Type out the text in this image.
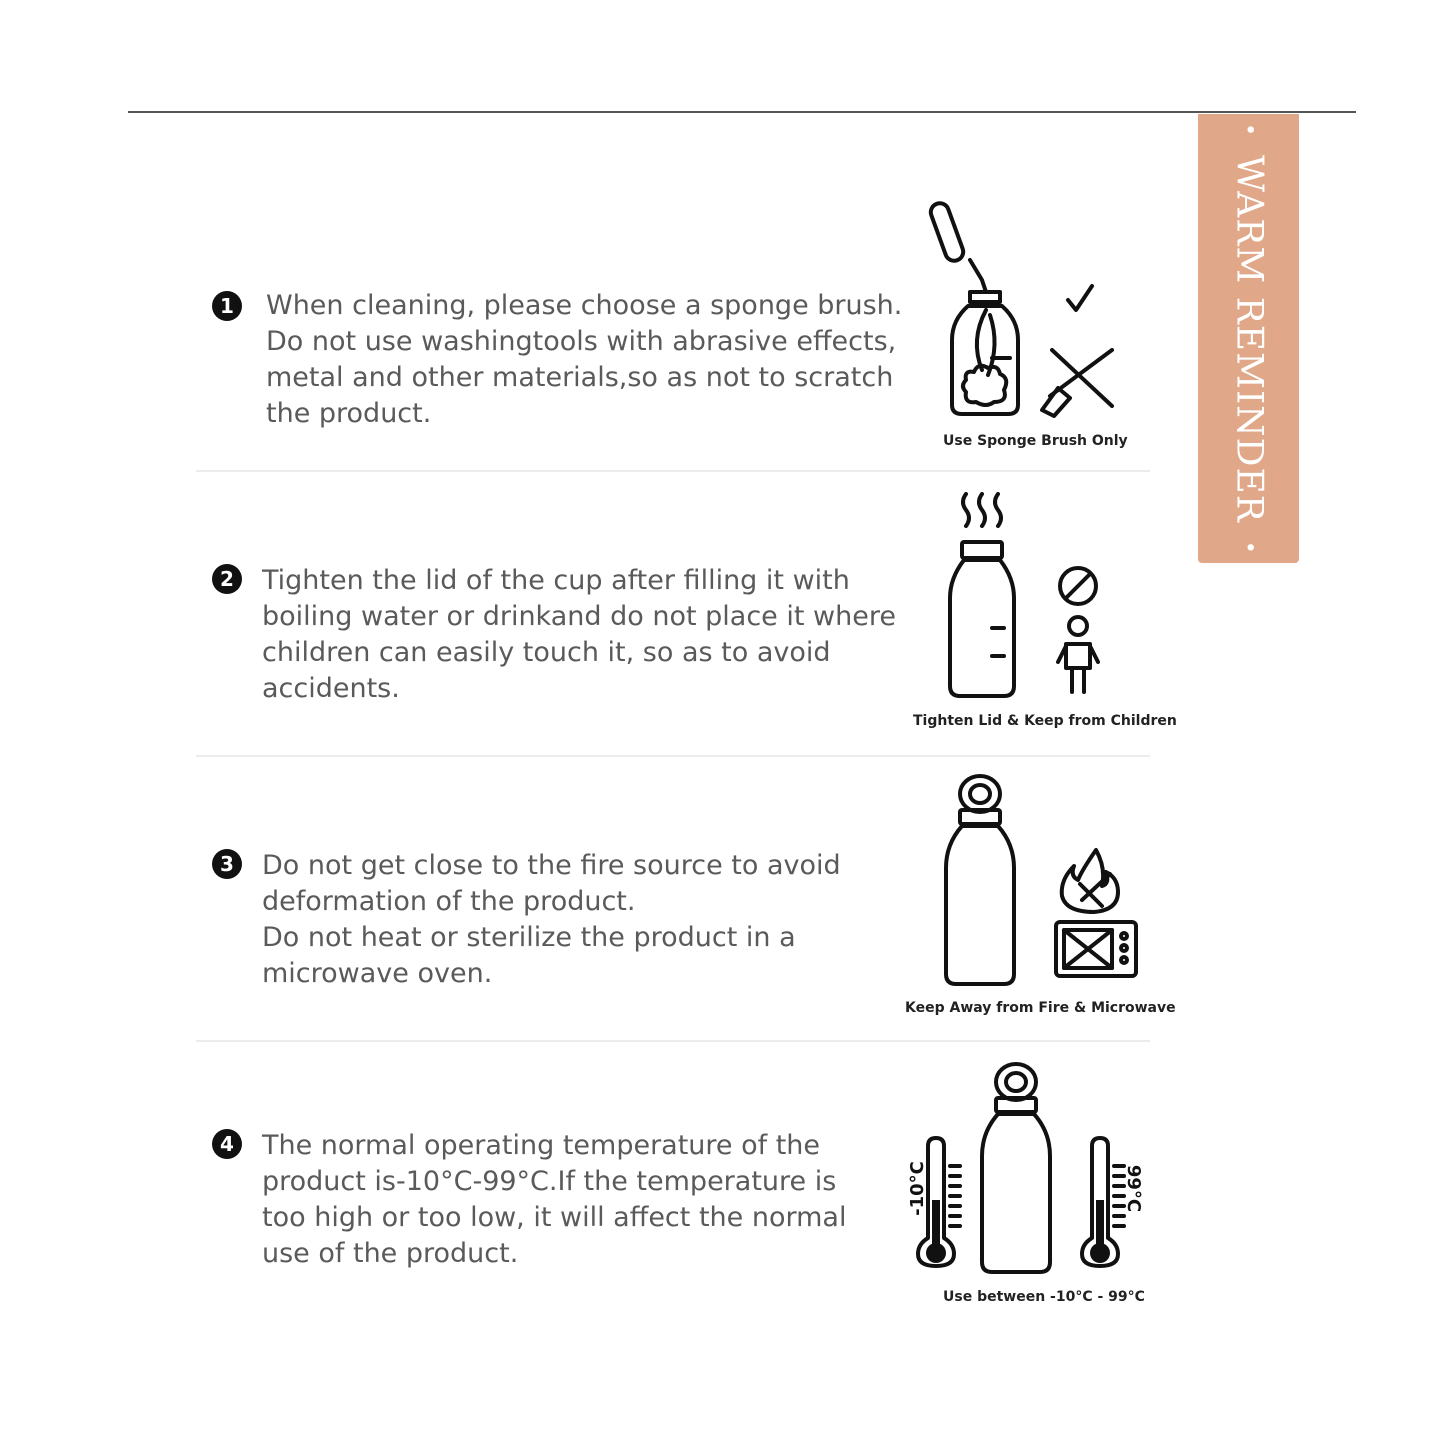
•
WARM REMINDER
•
1 When cleaning, please choose a sponge brush.
Do not use washingtools with abrasive effects,
metal and other materials,so as not to scratch
the product.
Use Sponge Brush Only
2 Tighten the lid of the cup after filling it with
boiling water or drinkand do not place it where
children can easily touch it, so as to avoid
accidents.
Tighten Lid & Keep from Children
3 Do not get close to the fire source to avoid
deformation of the product.
Do not heat or sterilize the product in a
microwave oven.
Keep Away from Fire & Microwave
4 The normal operating temperature of the
product is-10°C-99°C.If the temperature is
too high or too low, it will affect the normal
use of the product.
-10°C	99°C
Use between -10°C - 99°C
